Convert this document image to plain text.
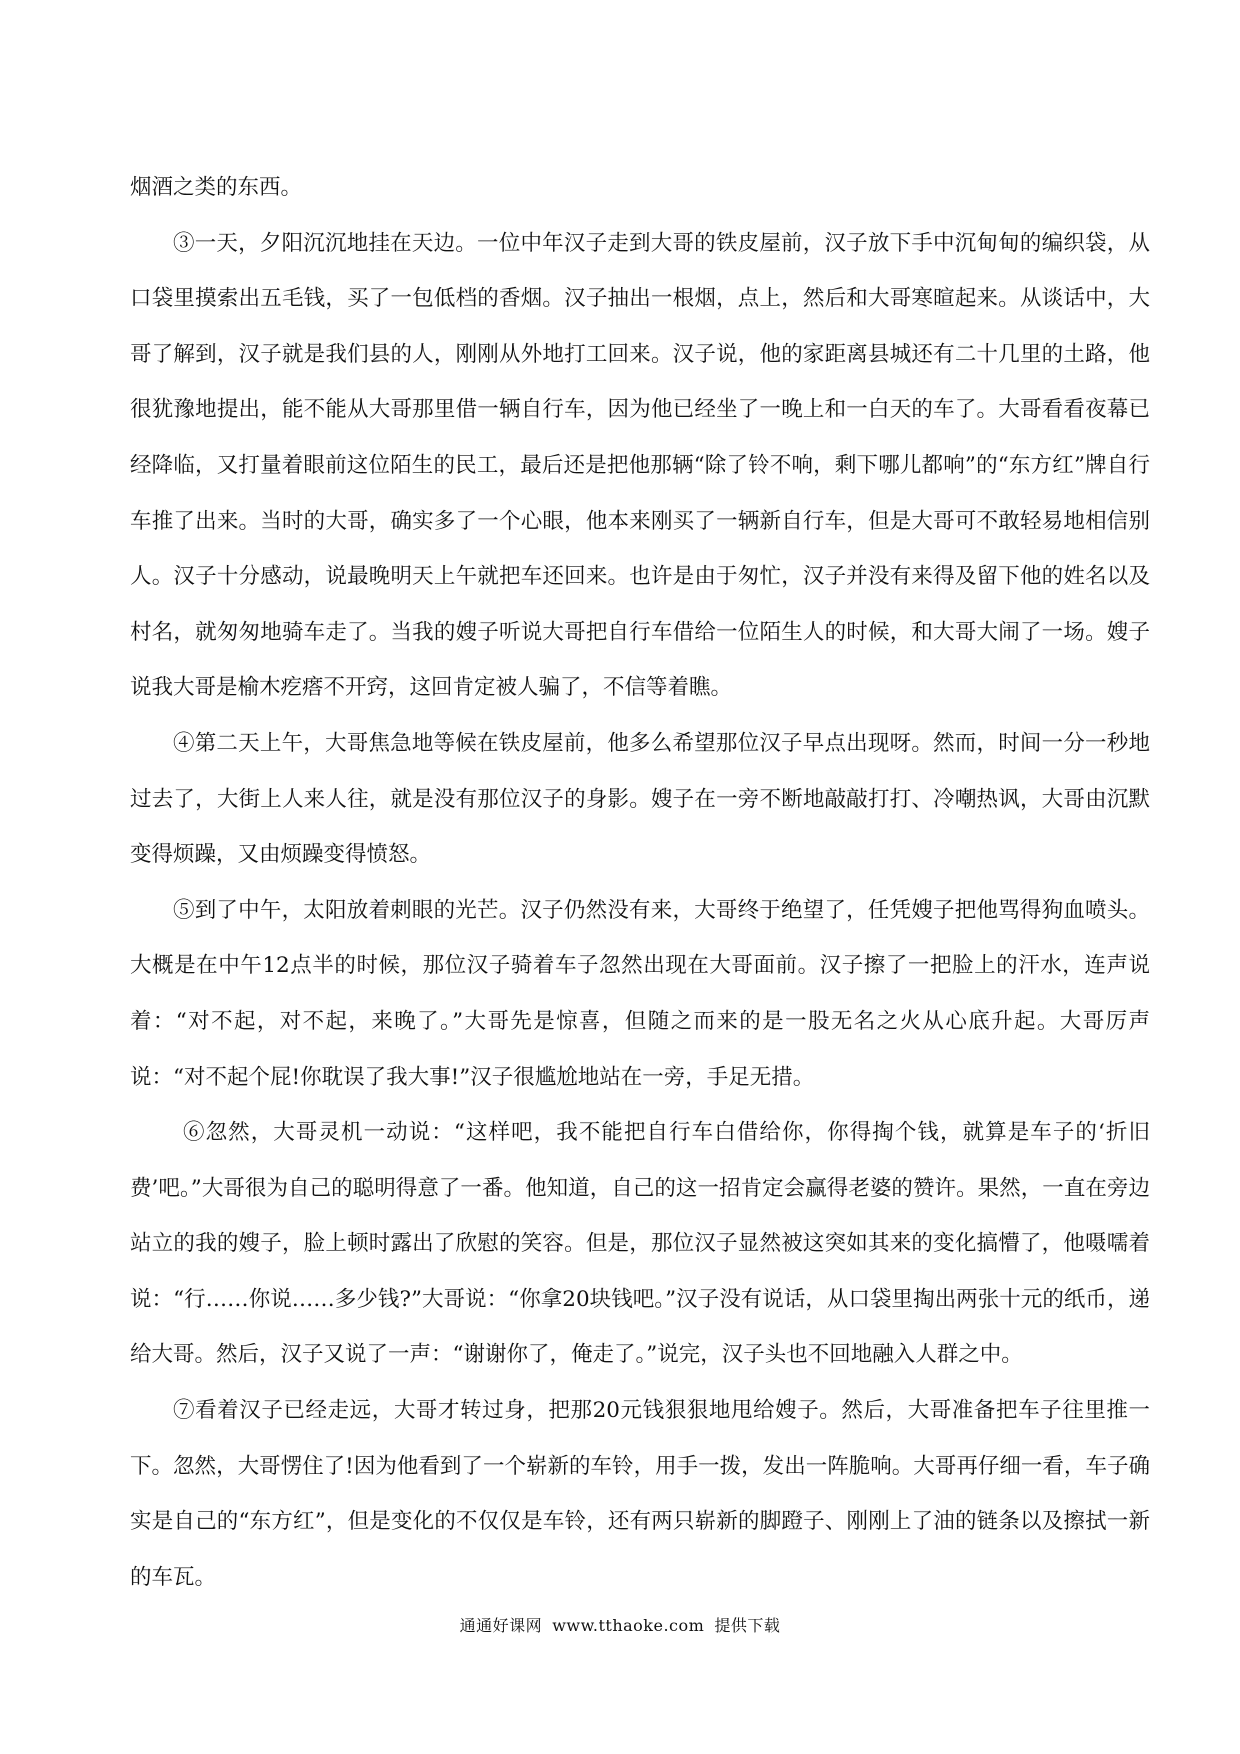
烟酒之类的东西。

③一天，夕阳沉沉地挂在天边。一位中年汉子走到大哥的铁皮屋前，汉子放下手中沉甸甸的编织袋，从口袋里摸索出五毛钱，买了一包低档的香烟。汉子抽出一根烟，点上，然后和大哥寒暄起来。从谈话中，大哥了解到，汉子就是我们县的人，刚刚从外地打工回来。汉子说，他的家距离县城还有二十几里的土路，他很犹豫地提出，能不能从大哥那里借一辆自行车，因为他已经坐了一晚上和一白天的车了。大哥看看夜幕已经降临，又打量着眼前这位陌生的民工，最后还是把他那辆“除了铃不响，剩下哪儿都响”的“东方红”牌自行车推了出来。当时的大哥，确实多了一个心眼，他本来刚买了一辆新自行车，但是大哥可不敢轻易地相信别人。汉子十分感动，说最晚明天上午就把车还回来。也许是由于匆忙，汉子并没有来得及留下他的姓名以及村名，就匆匆地骑车走了。当我的嫂子听说大哥把自行车借给一位陌生人的时候，和大哥大闹了一场。嫂子说我大哥是榆木疙瘩不开窍，这回肯定被人骗了，不信等着瞧。

④第二天上午，大哥焦急地等候在铁皮屋前，他多么希望那位汉子早点出现呀。然而，时间一分一秒地过去了，大街上人来人往，就是没有那位汉子的身影。嫂子在一旁不断地敲敲打打、冷嘲热讽，大哥由沉默变得烦躁，又由烦躁变得愤怒。

⑤到了中午，太阳放着刺眼的光芒。汉子仍然没有来，大哥终于绝望了，任凭嫂子把他骂得狗血喷头。大概是在中午12点半的时候，那位汉子骑着车子忽然出现在大哥面前。汉子擦了一把脸上的汗水，连声说着：“对不起，对不起，来晚了。”大哥先是惊喜，但随之而来的是一股无名之火从心底升起。大哥厉声说：“对不起个屁!你耽误了我大事!”汉子很尴尬地站在一旁，手足无措。

⑥忽然，大哥灵机一动说：“这样吧，我不能把自行车白借给你，你得掏个钱，就算是车子的‘折旧费’吧。”大哥很为自己的聪明得意了一番。他知道，自己的这一招肯定会赢得老婆的赞许。果然，一直在旁边站立的我的嫂子，脸上顿时露出了欣慰的笑容。但是，那位汉子显然被这突如其来的变化搞懵了，他嗫嚅着说：“行……你说……多少钱?”大哥说：“你拿20块钱吧。”汉子没有说话，从口袋里掏出两张十元的纸币，递给大哥。然后，汉子又说了一声：“谢谢你了，俺走了。”说完，汉子头也不回地融入人群之中。

⑦看着汉子已经走远，大哥才转过身，把那20元钱狠狠地甩给嫂子。然后，大哥准备把车子往里推一下。忽然，大哥愣住了!因为他看到了一个崭新的车铃，用手一拨，发出一阵脆响。大哥再仔细一看，车子确实是自己的“东方红”，但是变化的不仅仅是车铃，还有两只崭新的脚蹬子、刚刚上了油的链条以及擦拭一新的车瓦。

通通好课网 www.tthaoke.com 提供下载
